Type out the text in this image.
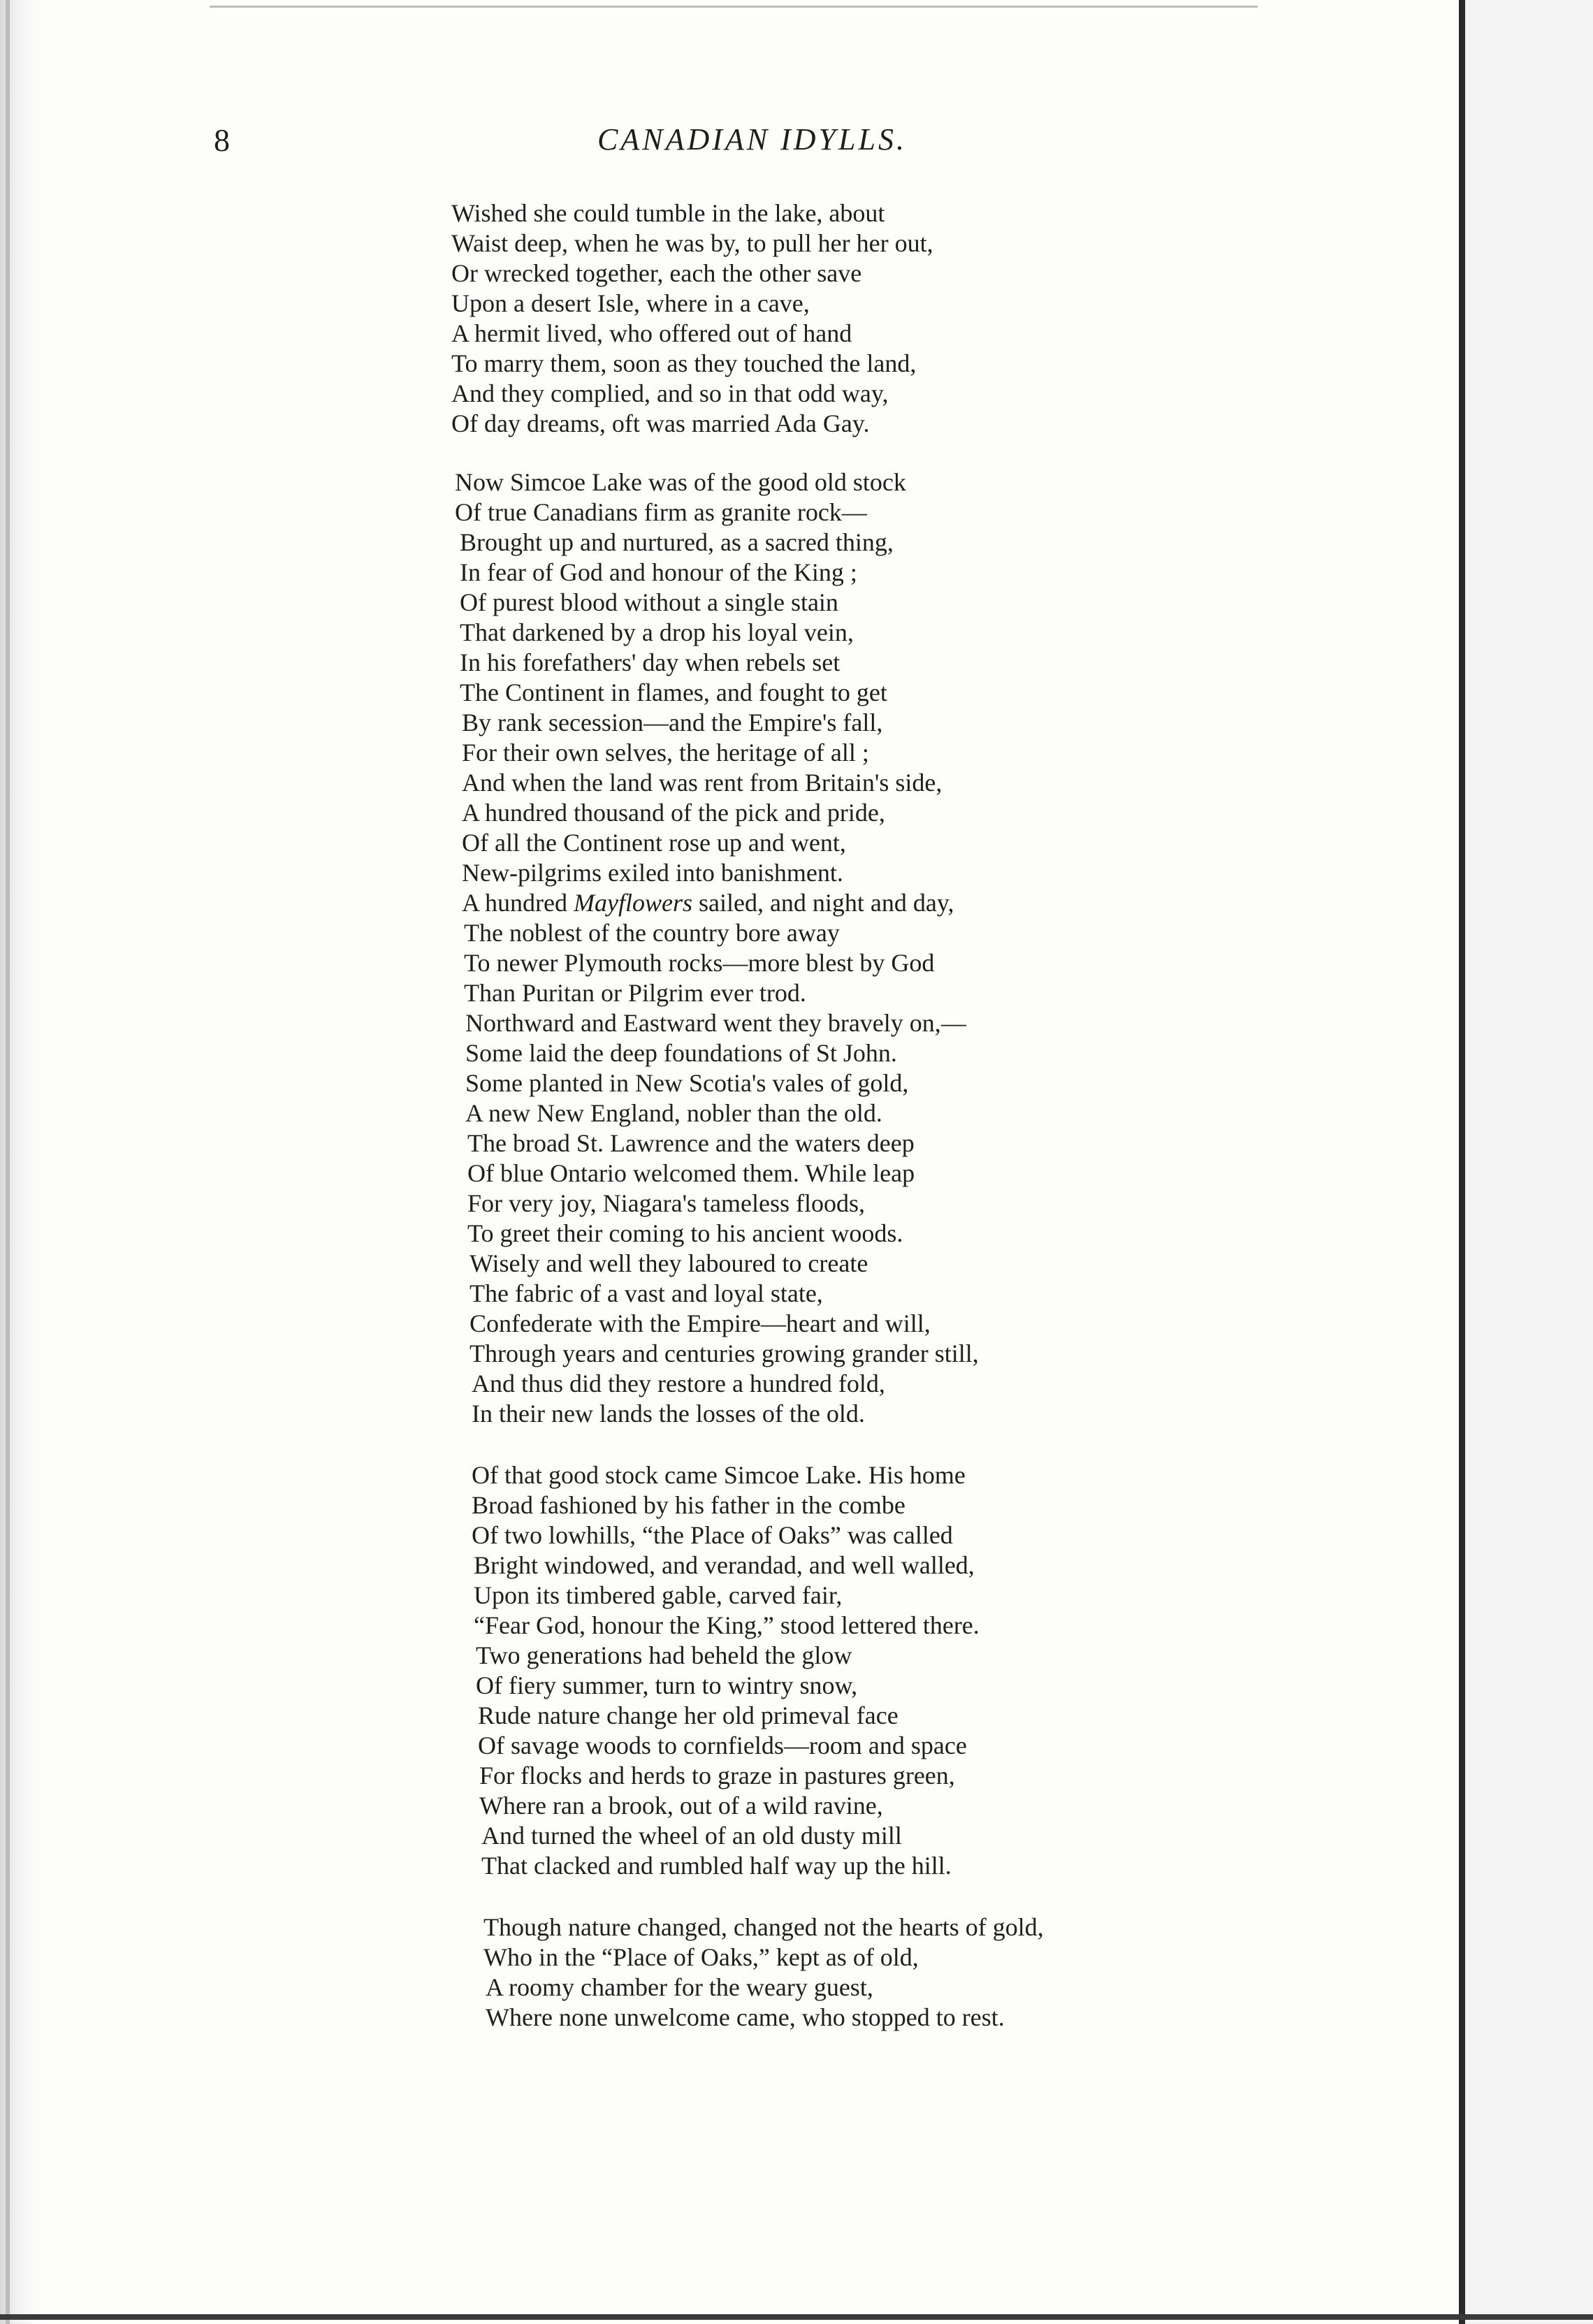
8	CANADIAN IDYLLS.

Wished she could tumble in the lake, about

Waist deep, when he was by, to pull her her out,

Or wrecked together, each the other save

Upon a desert Isle, where in a cave,

A hermit lived, who offered out of hand

To marry them, soon as they touched the land,

And they complied, and so in that odd way,

Of day dreams, oft was married Ada Gay.

Now Simcoe Lake was of the good old stock

Of true Canadians firm as granite rock—

Brought up and nurtured, as a sacred thing,

In fear of God and honour of the King ;

Of purest blood without a single stain

That darkened by a drop his loyal vein,

In his forefathers' day when rebels set

The Continent in flames, and fought to get

By rank secession—and the Empire's fall,

For their own selves, the heritage of all ;

And when the land was rent from Britain's side,

A hundred thousand of the pick and pride,

Of all the Continent rose up and went,

New-pilgrims exiled into banishment.

A hundred Mayflowers sailed, and night and day,

The noblest of the country bore away

To newer Plymouth rocks—more blest by God

Than Puritan or Pilgrim ever trod.

Northward and Eastward went they bravely on,—

Some laid the deep foundations of St John.

Some planted in New Scotia's vales of gold,

A new New England, nobler than the old.

The broad St. Lawrence and the waters deep

Of blue Ontario welcomed them. While leap

For very joy, Niagara's tameless floods,

To greet their coming to his ancient woods.

Wisely and well they laboured to create

The fabric of a vast and loyal state,

Confederate with the Empire—heart and will,

Through years and centuries growing grander still,

And thus did they restore a hundred fold,

In their new lands the losses of the old.

Of that good stock came Simcoe Lake. His home

Broad fashioned by his father in the combe

Of two lowhills, “the Place of Oaks” was called

Bright windowed, and verandad, and well walled,

Upon its timbered gable, carved fair,

“Fear God, honour the King,” stood lettered there.

Two generations had beheld the glow

Of fiery summer, turn to wintry snow,

Rude nature change her old primeval face

Of savage woods to cornfields—room and space

For flocks and herds to graze in pastures green,

Where ran a brook, out of a wild ravine,

And turned the wheel of an old dusty mill

That clacked and rumbled half way up the hill.

Though nature changed, changed not the hearts of gold,

Who in the “Place of Oaks,” kept as of old,

A roomy chamber for the weary guest,

Where none unwelcome came, who stopped to rest.
